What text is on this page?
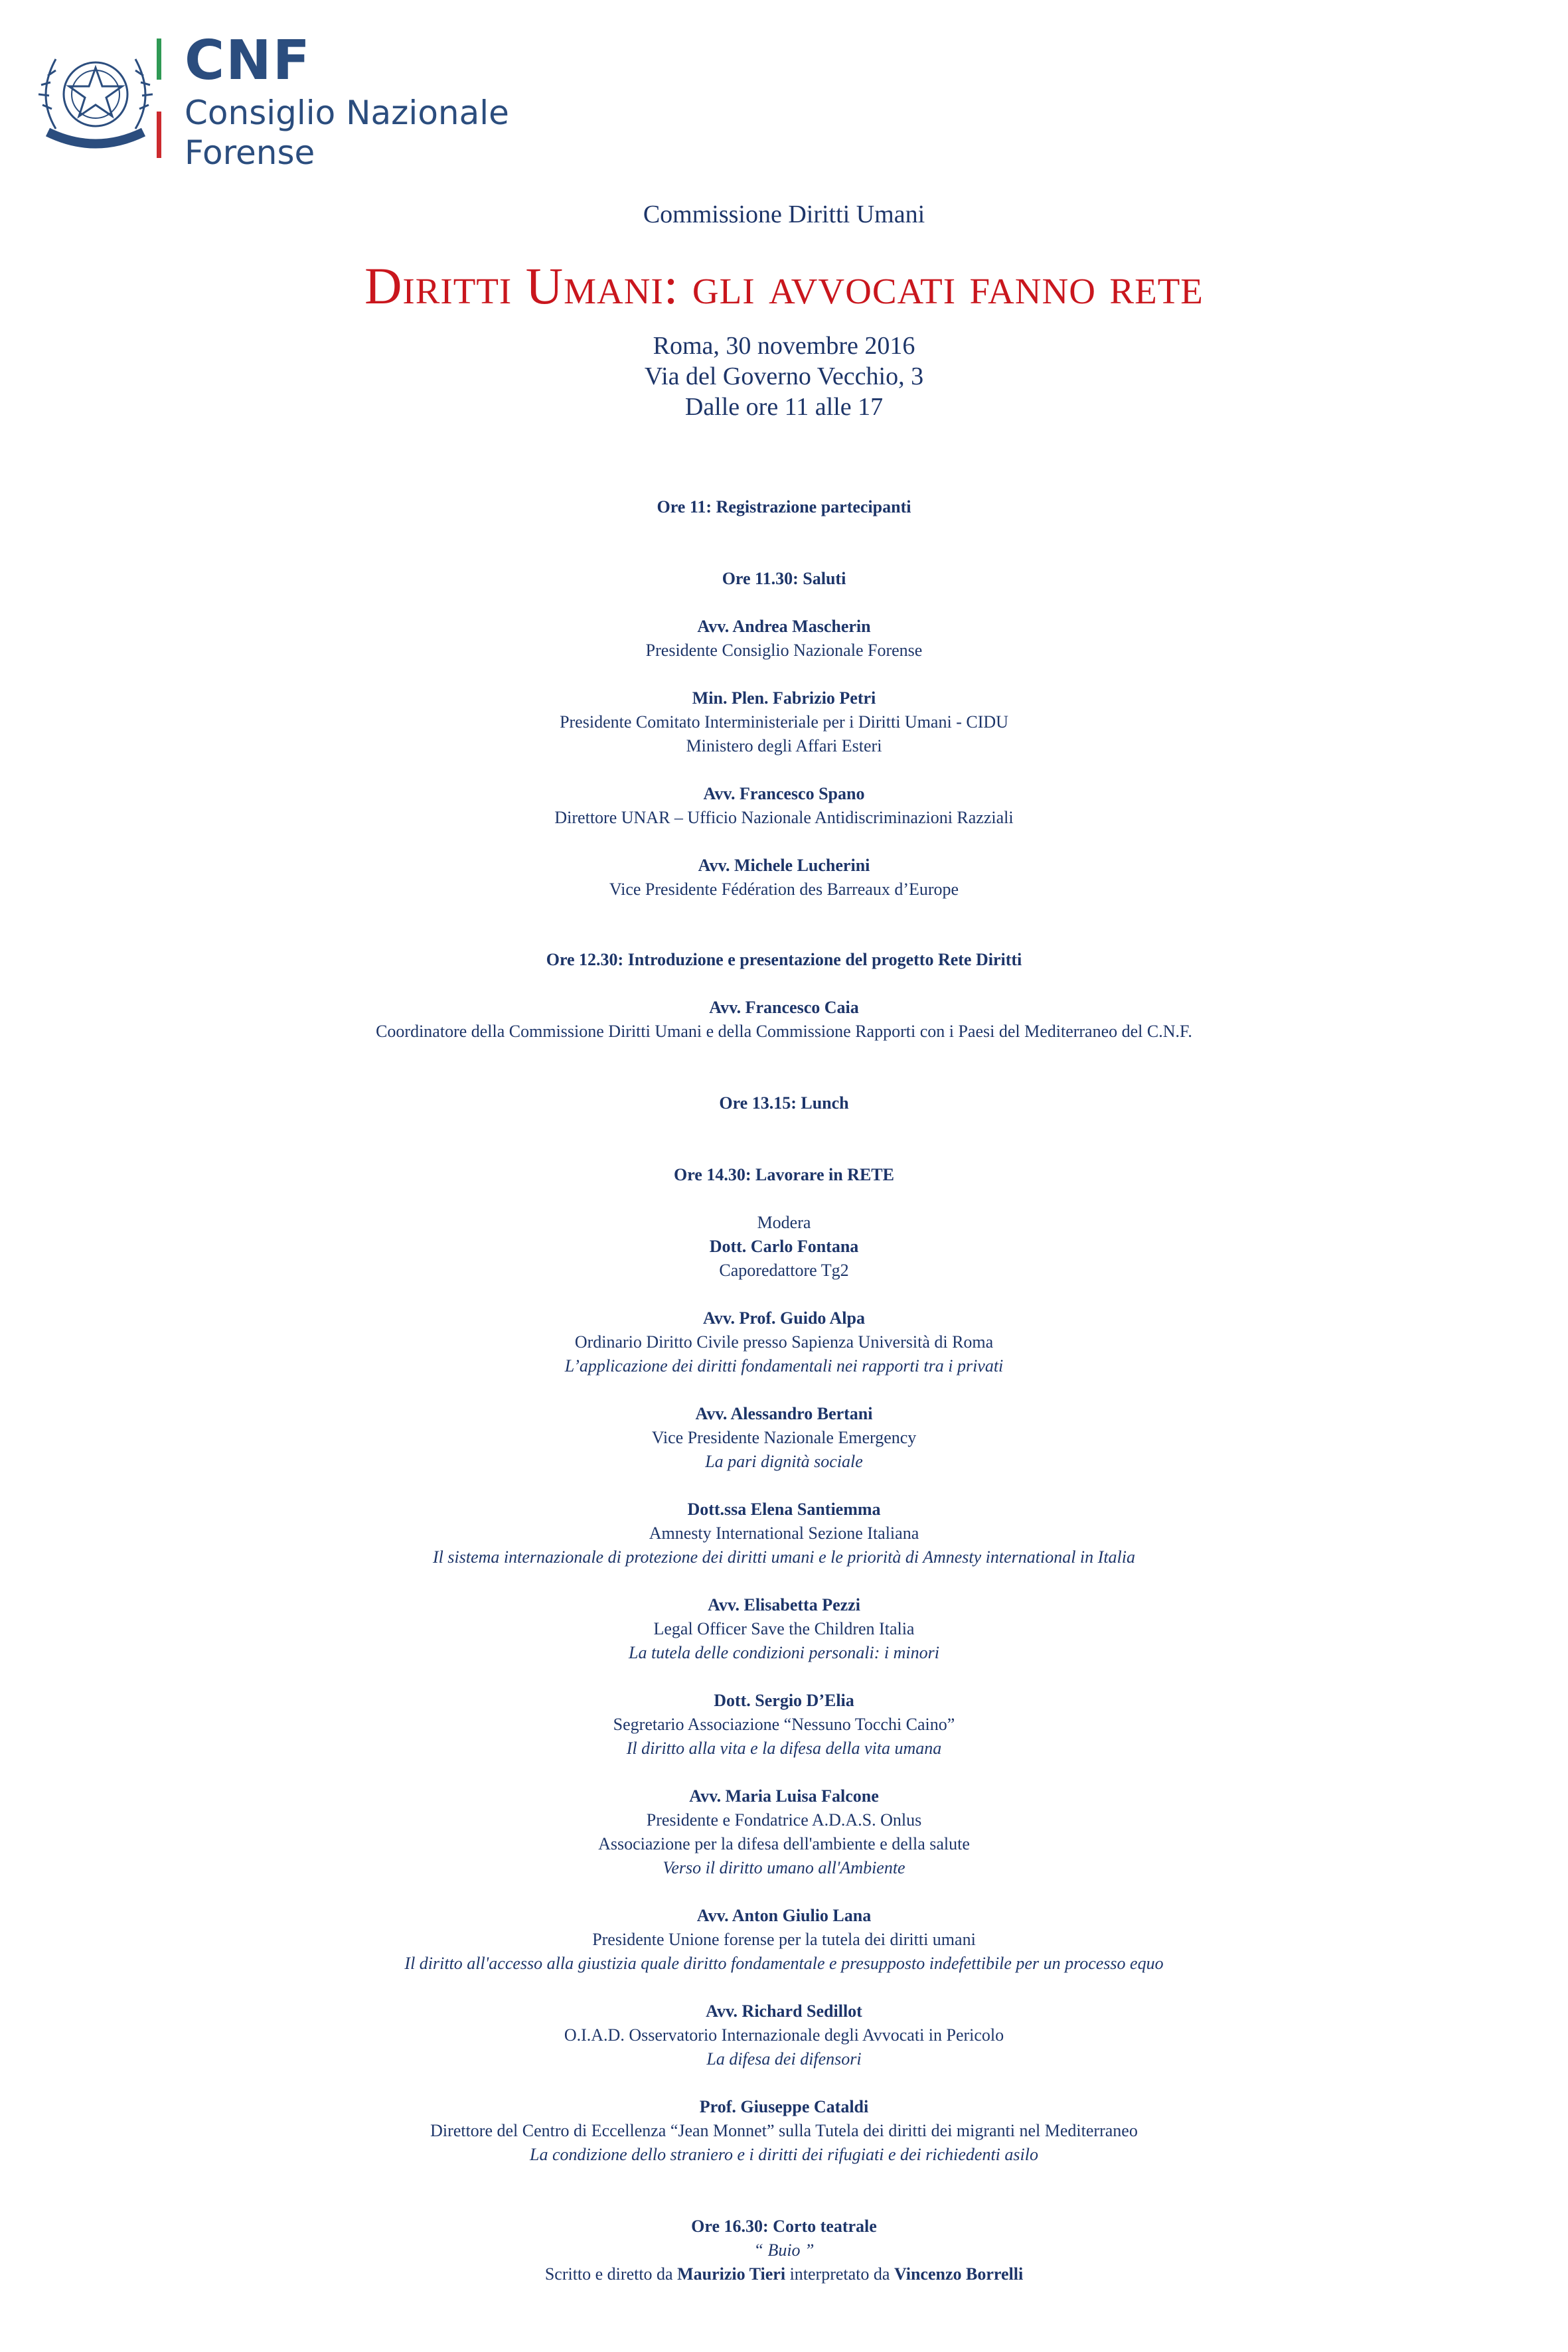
CNF
Consiglio Nazionale
Forense
Commissione Diritti Umani
Diritti Umani: gli avvocati fanno rete
Roma, 30 novembre 2016
Via del Governo Vecchio, 3
Dalle ore 11 alle 17
Ore 11: Registrazione partecipanti
Ore 11.30: Saluti
Avv. Andrea Mascherin
Presidente Consiglio Nazionale Forense
Min. Plen. Fabrizio Petri
Presidente Comitato Interministeriale per i Diritti Umani - CIDU
Ministero degli Affari Esteri
Avv. Francesco Spano
Direttore UNAR – Ufficio Nazionale Antidiscriminazioni Razziali
Avv. Michele Lucherini
Vice Presidente Fédération des Barreaux d’Europe
Ore 12.30: Introduzione e presentazione del progetto Rete Diritti
Avv. Francesco Caia
Coordinatore della Commissione Diritti Umani e della Commissione Rapporti con i Paesi del Mediterraneo del C.N.F.
Ore 13.15: Lunch
Ore 14.30: Lavorare in RETE
Modera
Dott. Carlo Fontana
Caporedattore Tg2
Avv. Prof. Guido Alpa
Ordinario Diritto Civile presso Sapienza Università di Roma
L’applicazione dei diritti fondamentali nei rapporti tra i privati
Avv. Alessandro Bertani
Vice Presidente Nazionale Emergency
La pari dignità sociale
Dott.ssa Elena Santiemma
Amnesty International Sezione Italiana
Il sistema internazionale di protezione dei diritti umani e le priorità di Amnesty international in Italia
Avv. Elisabetta Pezzi
Legal Officer Save the Children Italia
La tutela delle condizioni personali: i minori
Dott. Sergio D’Elia
Segretario Associazione “Nessuno Tocchi Caino”
Il diritto alla vita e la difesa della vita umana
Avv. Maria Luisa Falcone
Presidente e Fondatrice A.D.A.S. Onlus
Associazione per la difesa dell'ambiente e della salute
Verso il diritto umano all'Ambiente
Avv. Anton Giulio Lana
Presidente Unione forense per la tutela dei diritti umani
Il diritto all'accesso alla giustizia quale diritto fondamentale e presupposto indefettibile per un processo equo
Avv. Richard Sedillot
O.I.A.D. Osservatorio Internazionale degli Avvocati in Pericolo
La difesa dei difensori
Prof. Giuseppe Cataldi
Direttore del Centro di Eccellenza “Jean Monnet” sulla Tutela dei diritti dei migranti nel Mediterraneo
La condizione dello straniero e i diritti dei rifugiati e dei richiedenti asilo
Ore 16.30: Corto teatrale
“ Buio ”
Scritto e diretto da Maurizio Tieri interpretato da Vincenzo Borrelli
